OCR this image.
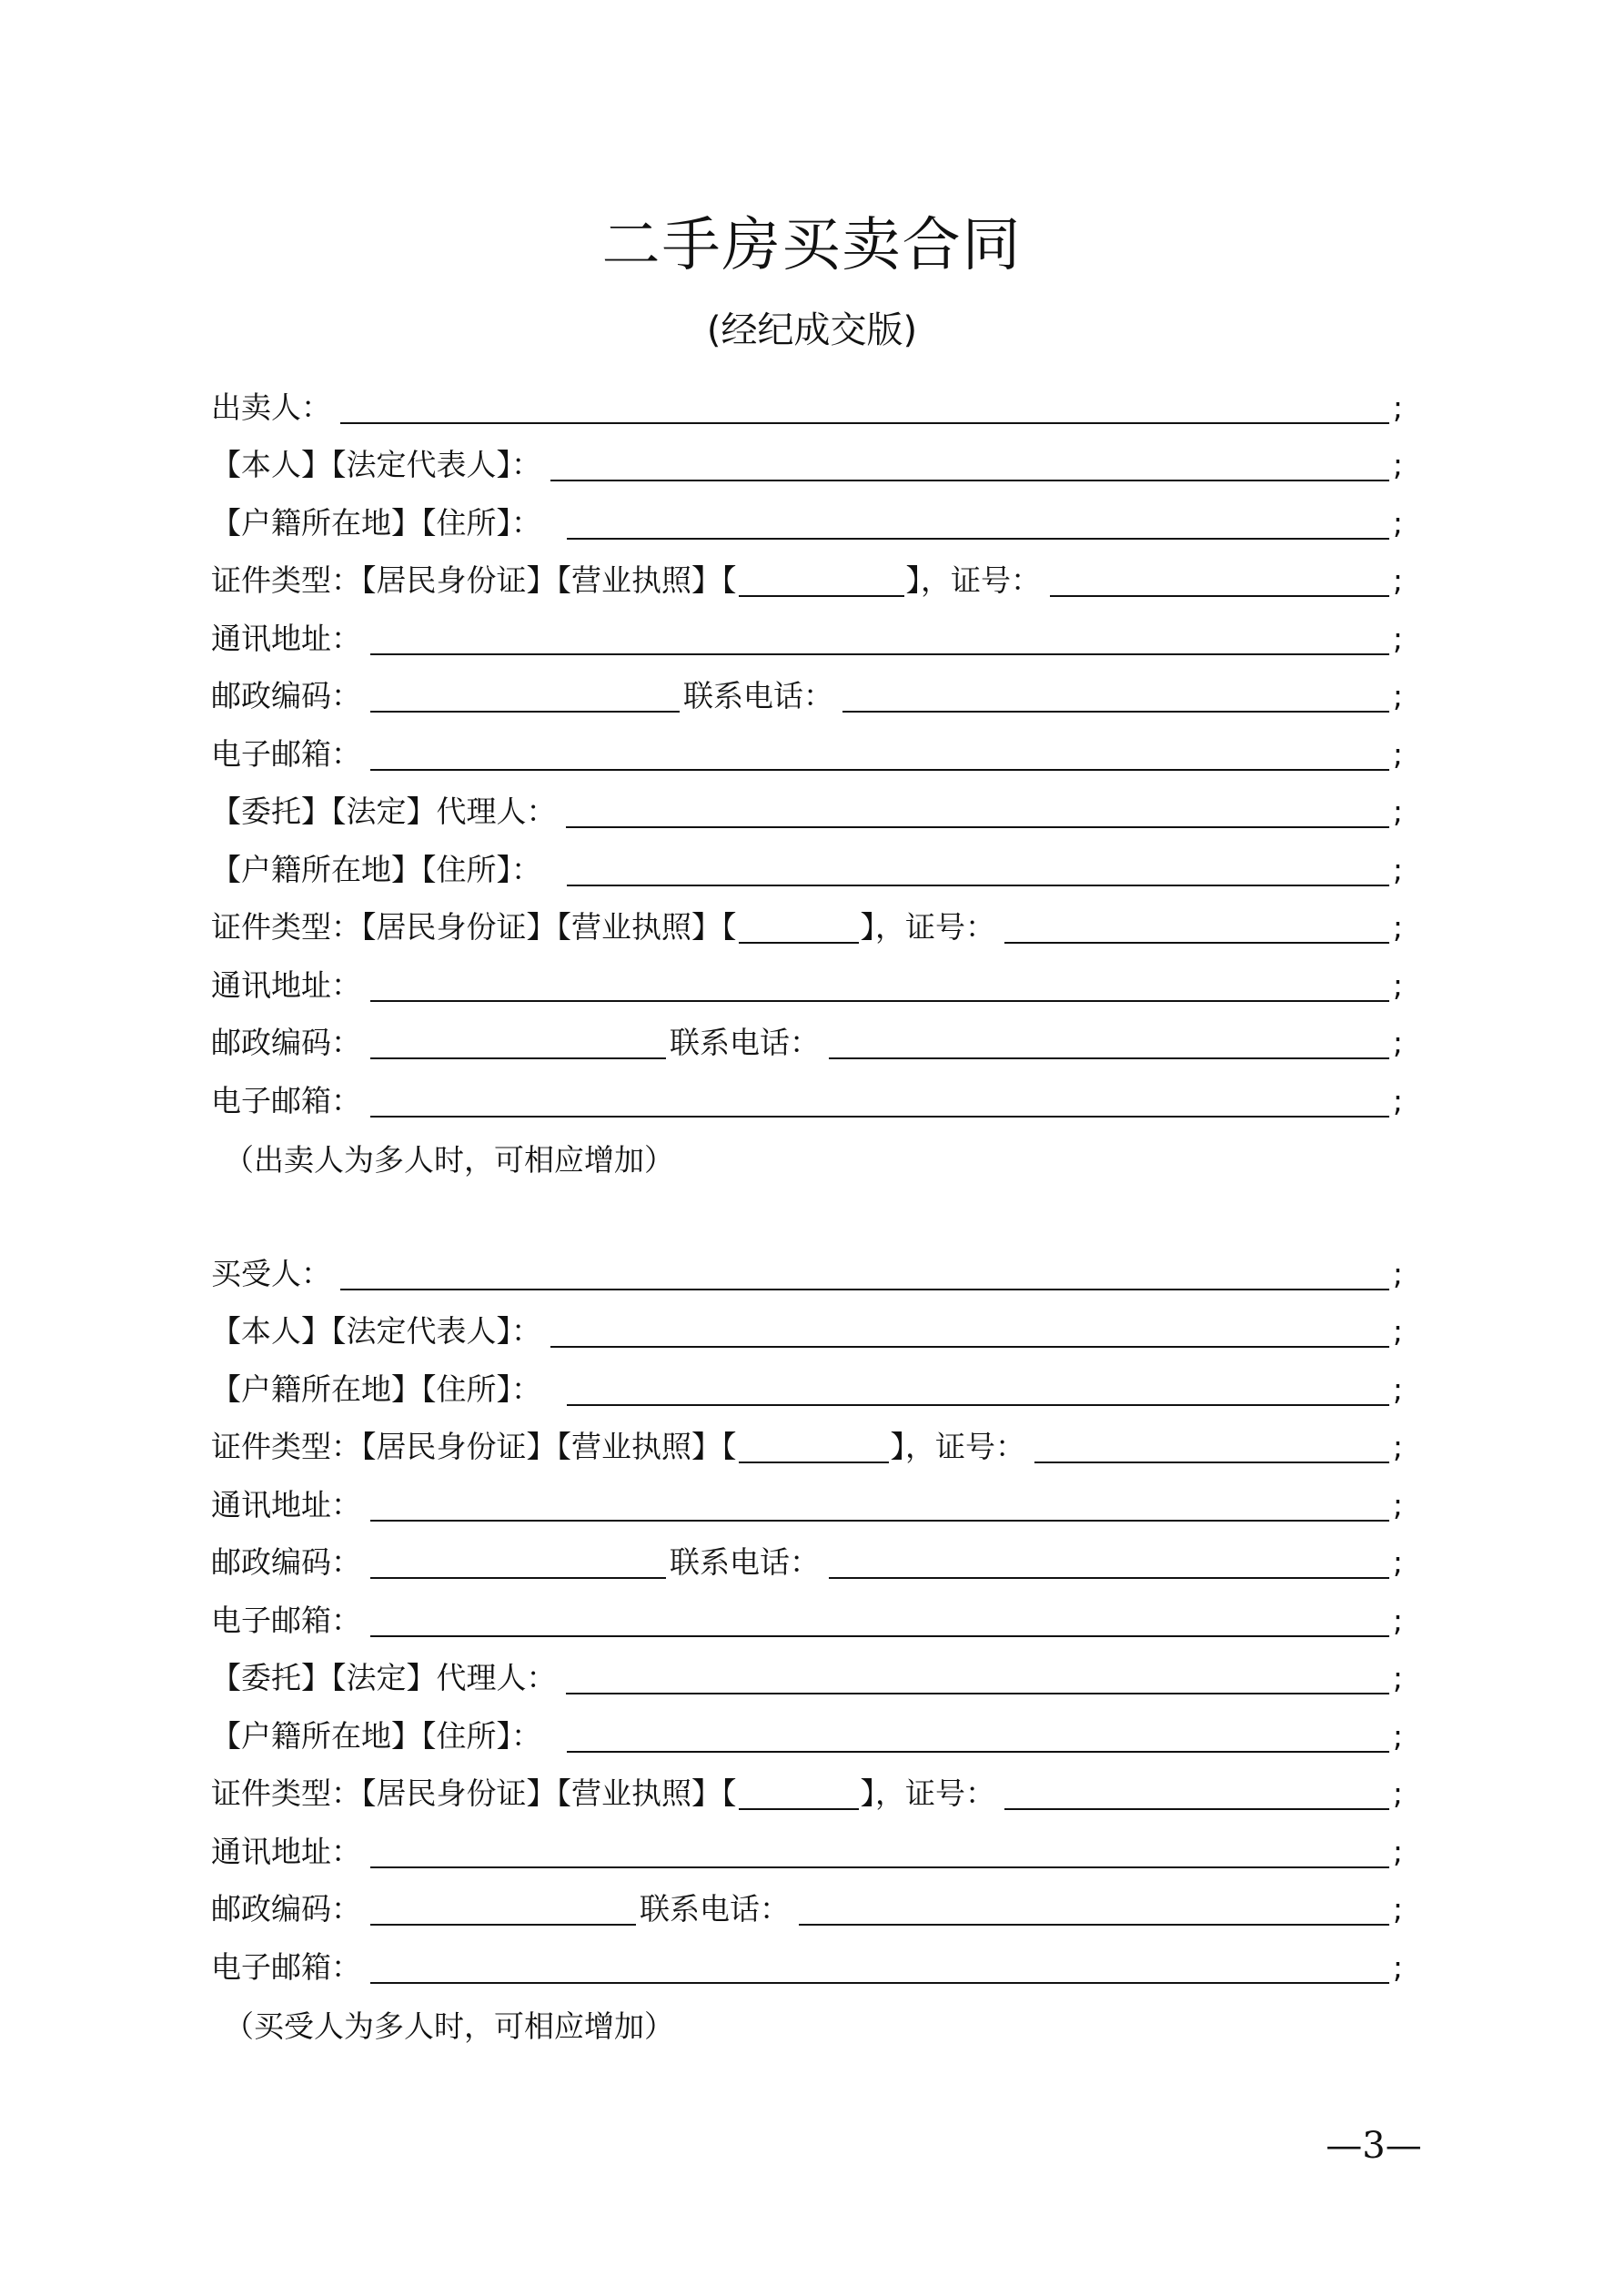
二手房买卖合同
(经纪成交版)
出卖人：	;
【本人】【法定代表人】：	;
【户籍所在地】【住所】：	;
证件类型：【居民身份证】【营业执照】【	】，证号：	;
通讯地址：	;
邮政编码：	联系电话：	;
电子邮箱：	;
【委托】【法定】代理人：	;
【户籍所在地】【住所】：	;
证件类型：【居民身份证】【营业执照】【	】，证号：	;
通讯地址：	;
邮政编码：	联系电话：	;
电子邮箱：	;
（出卖人为多人时，可相应增加）
买受人：	;
【本人】【法定代表人】：	;
【户籍所在地】【住所】：	;
证件类型：【居民身份证】【营业执照】【	】，证号：	;
通讯地址：	;
邮政编码：	联系电话：	;
电子邮箱：	;
【委托】【法定】代理人：	;
【户籍所在地】【住所】：	;
证件类型：【居民身份证】【营业执照】【	】，证号：	;
通讯地址：	;
邮政编码：	联系电话：	;
电子邮箱：	;
（买受人为多人时，可相应增加）
—3—
